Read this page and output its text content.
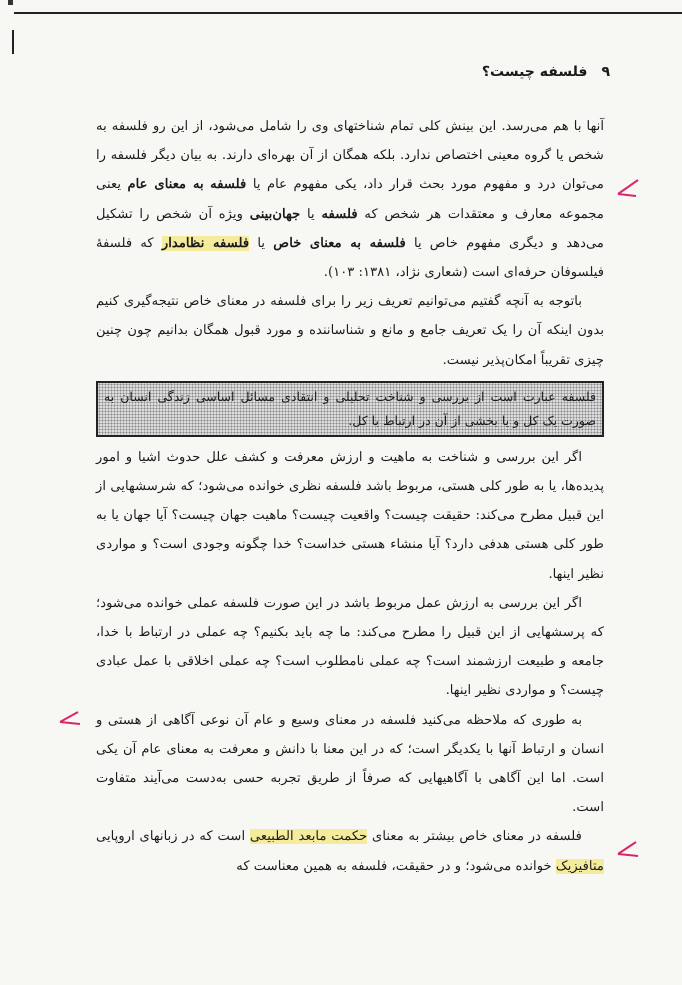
فلسفه چیست؟ ۹

آنها با هم می‌رسد. این بینش کلی تمام شناختهای وی را شامل می‌شود، از این رو فلسفه به شخص یا گروه معینی اختصاص ندارد. بلکه همگان از آن بهره‌ای دارند. به بیان دیگر فلسفه را می‌توان درد و مفهوم مورد بحث قرار داد، یکی مفهوم عام یا فلسفه به معنای عام یعنی مجموعه معارف و معتقدات هر شخص که فلسفه یا جهان‌بینی ویژه آن شخص را تشکیل می‌دهد و دیگری مفهوم خاص یا فلسفه به معنای خاص یا فلسفه نظامدار که فلسفهٔ فیلسوفان حرفه‌ای است (شعاری نژاد، ۱۳۸۱: ۱۰۳).

باتوجه به آنچه گفتیم می‌توانیم تعریف زیر را برای فلسفه در معنای خاص نتیجه‌گیری کنیم بدون اینکه آن را یک تعریف جامع و مانع و شناساننده و مورد قبول همگان بدانیم چون چنین چیزی تقریباً امکان‌پذیر نیست.

فلسفه عبارت است از بررسی و شناخت تحلیلی و انتقادی مسائل اساسی زندگی انسان به صورت یک کل و یا بخشی از آن در ارتباط با کل.

اگر این بررسی و شناخت به ماهیت و ارزش معرفت و کشف علل حدوث اشیا و امور پدیده‌ها، یا به طور کلی هستی، مربوط باشد فلسفه نظری خوانده می‌شود؛ که شرسشهایی از این قبیل مطرح می‌کند: حقیقت چیست؟ واقعیت چیست؟ ماهیت جهان چیست؟ آیا جهان یا به طور کلی هستی هدفی دارد؟ آیا منشاء هستی خداست؟ خدا چگونه وجودی است؟ و مواردی نظیر اینها.

اگر این بررسی به ارزش عمل مربوط باشد در این صورت فلسفه عملی خوانده می‌شود؛ که پرسشهایی از این قبیل را مطرح می‌کند: ما چه باید بکنیم؟ چه عملی در ارتباط با خدا، جامعه و طبیعت ارزشمند است؟ چه عملی نامطلوب است؟ چه عملی اخلاقی با عمل عبادی چیست؟ و مواردی نظیر اینها.

به طوری که ملاحظه می‌کنید فلسفه در معنای وسیع و عام آن نوعی آگاهی از هستی و انسان و ارتباط آنها با یکدیگر است؛ که در این معنا با دانش و معرفت به معنای عام آن یکی است. اما این آگاهی با آگاهیهایی که صرفاً از طریق تجربه حسی به‌دست می‌آیند متفاوت است.

فلسفه در معنای خاص بیشتر به معنای حکمت مابعد الطبیعی است که در زبانهای اروپایی متافیزیک خوانده می‌شود؛ و در حقیقت، فلسفه به همین معناست که
